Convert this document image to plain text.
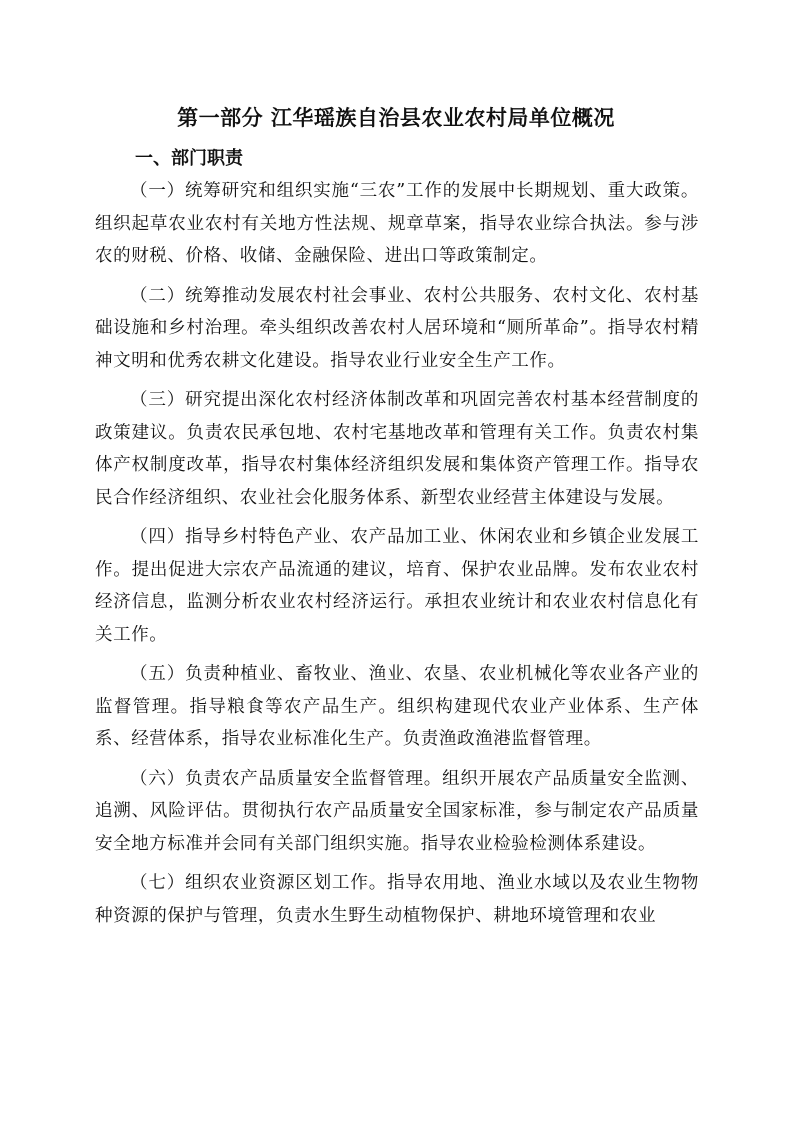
第一部分 江华瑶族自治县农业农村局单位概况
一、部门职责

（一）统筹研究和组织实施“三农”工作的发展中长期规划、重大政策。组织起草农业农村有关地方性法规、规章草案，指导农业综合执法。参与涉农的财税、价格、收储、金融保险、进出口等政策制定。

（二）统筹推动发展农村社会事业、农村公共服务、农村文化、农村基础设施和乡村治理。牵头组织改善农村人居环境和“厕所革命”。指导农村精神文明和优秀农耕文化建设。指导农业行业安全生产工作。

（三）研究提出深化农村经济体制改革和巩固完善农村基本经营制度的政策建议。负责农民承包地、农村宅基地改革和管理有关工作。负责农村集体产权制度改革，指导农村集体经济组织发展和集体资产管理工作。指导农民合作经济组织、农业社会化服务体系、新型农业经营主体建设与发展。

（四）指导乡村特色产业、农产品加工业、休闲农业和乡镇企业发展工作。提出促进大宗农产品流通的建议，培育、保护农业品牌。发布农业农村经济信息，监测分析农业农村经济运行。承担农业统计和农业农村信息化有关工作。

（五）负责种植业、畜牧业、渔业、农垦、农业机械化等农业各产业的监督管理。指导粮食等农产品生产。组织构建现代农业产业体系、生产体系、经营体系，指导农业标准化生产。负责渔政渔港监督管理。

（六）负责农产品质量安全监督管理。组织开展农产品质量安全监测、追溯、风险评估。贯彻执行农产品质量安全国家标准，参与制定农产品质量安全地方标准并会同有关部门组织实施。指导农业检验检测体系建设。

（七）组织农业资源区划工作。指导农用地、渔业水域以及农业生物物种资源的保护与管理，负责水生野生动植物保护、耕地环境管理和农业
